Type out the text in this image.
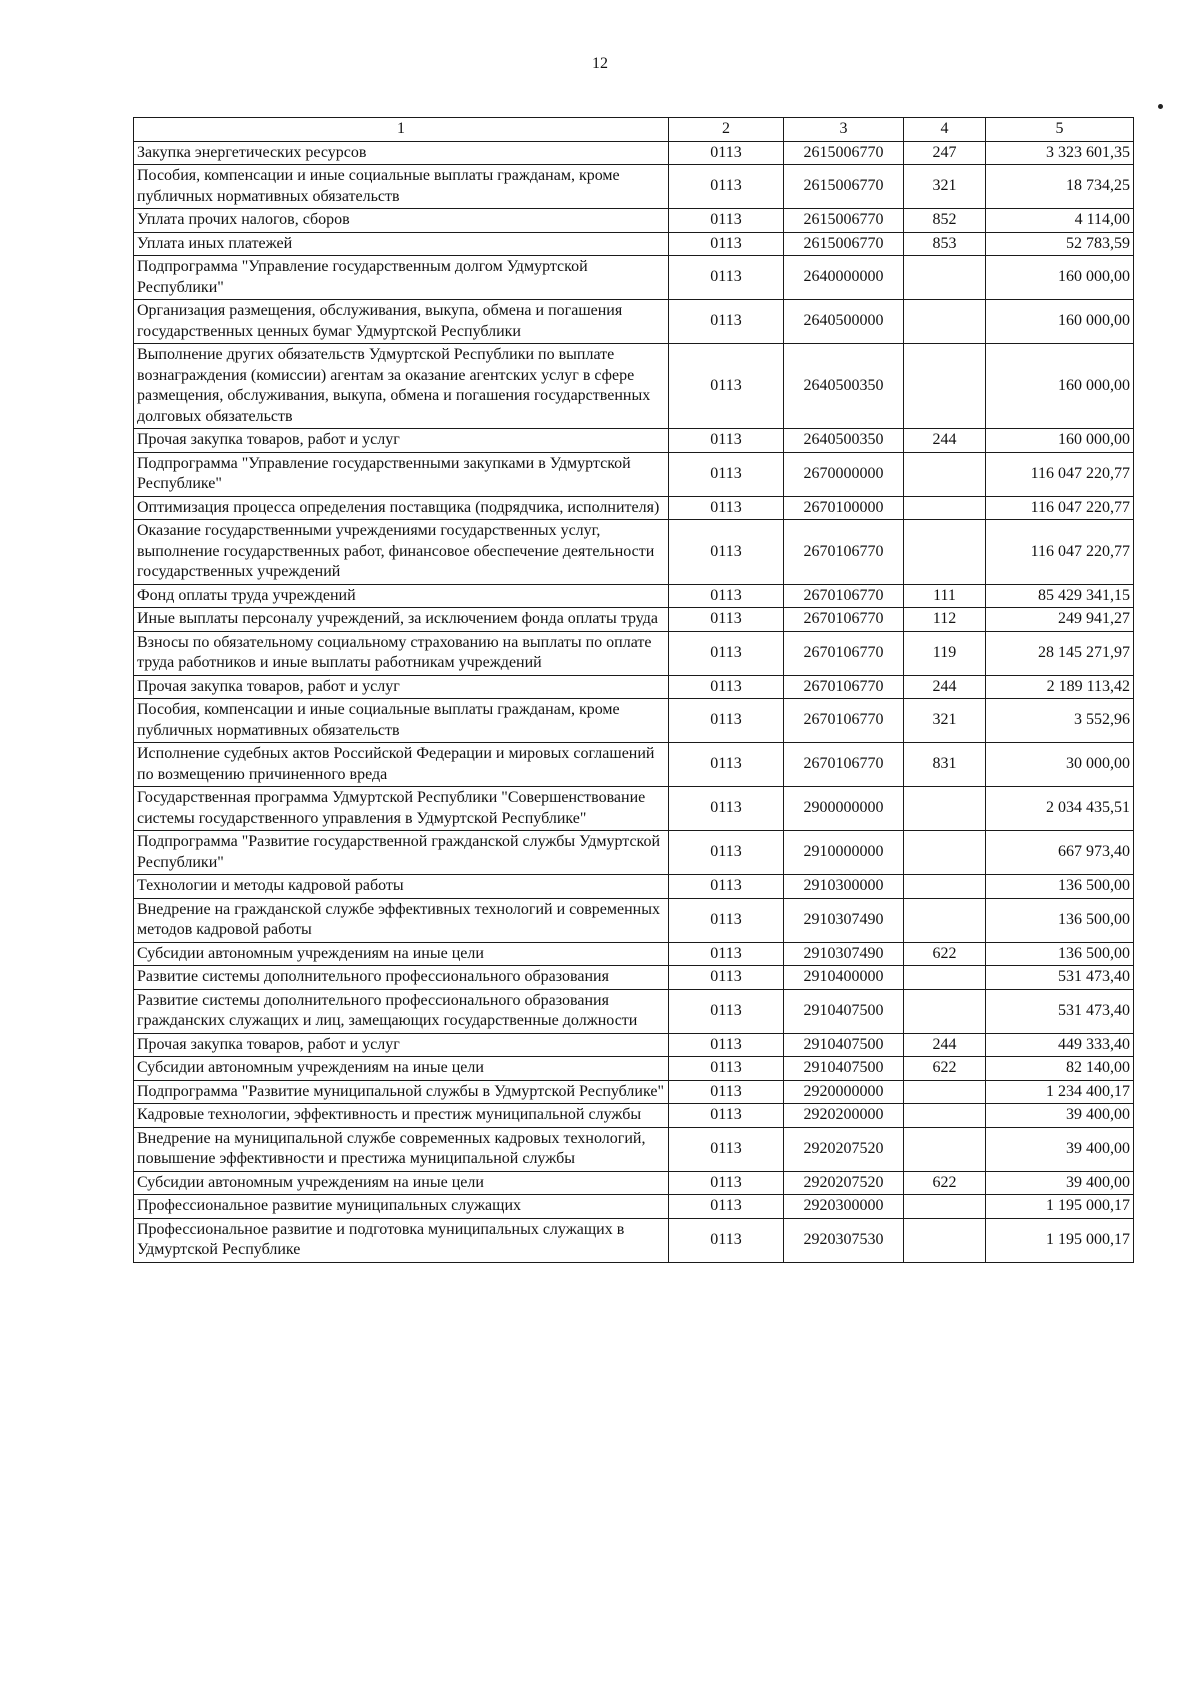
12
1	2	3	4	5
Закупка энергетических ресурсов	0113	2615006770	247	3 323 601,35
Пособия, компенсации и иные социальные выплаты гражданам, кроме публичных нормативных обязательств	0113	2615006770	321	18 734,25
Уплата прочих налогов, сборов	0113	2615006770	852	4 114,00
Уплата иных платежей	0113	2615006770	853	52 783,59
Подпрограмма "Управление государственным долгом Удмуртской Республики"	0113	2640000000		160 000,00
Организация размещения, обслуживания, выкупа, обмена и погашения государственных ценных бумаг Удмуртской Республики	0113	2640500000		160 000,00
Выполнение других обязательств Удмуртской Республики по выплате вознаграждения (комиссии) агентам за оказание агентских услуг в сфере размещения, обслуживания, выкупа, обмена и погашения государственных долговых обязательств	0113	2640500350		160 000,00
Прочая закупка товаров, работ и услуг	0113	2640500350	244	160 000,00
Подпрограмма "Управление государственными закупками в Удмуртской Республике"	0113	2670000000		116 047 220,77
Оптимизация процесса определения поставщика (подрядчика, исполнителя)	0113	2670100000		116 047 220,77
Оказание государственными учреждениями государственных услуг, выполнение государственных работ, финансовое обеспечение деятельности государственных учреждений	0113	2670106770		116 047 220,77
Фонд оплаты труда учреждений	0113	2670106770	111	85 429 341,15
Иные выплаты персоналу учреждений, за исключением фонда оплаты труда	0113	2670106770	112	249 941,27
Взносы по обязательному социальному страхованию на выплаты по оплате труда работников и иные выплаты работникам учреждений	0113	2670106770	119	28 145 271,97
Прочая закупка товаров, работ и услуг	0113	2670106770	244	2 189 113,42
Пособия, компенсации и иные социальные выплаты гражданам, кроме публичных нормативных обязательств	0113	2670106770	321	3 552,96
Исполнение судебных актов Российской Федерации и мировых соглашений по возмещению причиненного вреда	0113	2670106770	831	30 000,00
Государственная программа Удмуртской Республики "Совершенствование системы государственного управления в Удмуртской Республике"	0113	2900000000		2 034 435,51
Подпрограмма "Развитие государственной гражданской службы Удмуртской Республики"	0113	2910000000		667 973,40
Технологии и методы кадровой работы	0113	2910300000		136 500,00
Внедрение на гражданской службе эффективных технологий и современных методов кадровой работы	0113	2910307490		136 500,00
Субсидии автономным учреждениям на иные цели	0113	2910307490	622	136 500,00
Развитие системы дополнительного профессионального образования	0113	2910400000		531 473,40
Развитие системы дополнительного профессионального образования гражданских служащих и лиц, замещающих государственные должности	0113	2910407500		531 473,40
Прочая закупка товаров, работ и услуг	0113	2910407500	244	449 333,40
Субсидии автономным учреждениям на иные цели	0113	2910407500	622	82 140,00
Подпрограмма "Развитие муниципальной службы в Удмуртской Республике"	0113	2920000000		1 234 400,17
Кадровые технологии, эффективность и престиж муниципальной службы	0113	2920200000		39 400,00
Внедрение на муниципальной службе современных кадровых технологий, повышение эффективности и престижа муниципальной службы	0113	2920207520		39 400,00
Субсидии автономным учреждениям на иные цели	0113	2920207520	622	39 400,00
Профессиональное развитие муниципальных служащих	0113	2920300000		1 195 000,17
Профессиональное развитие и подготовка муниципальных служащих в Удмуртской Республике	0113	2920307530		1 195 000,17
